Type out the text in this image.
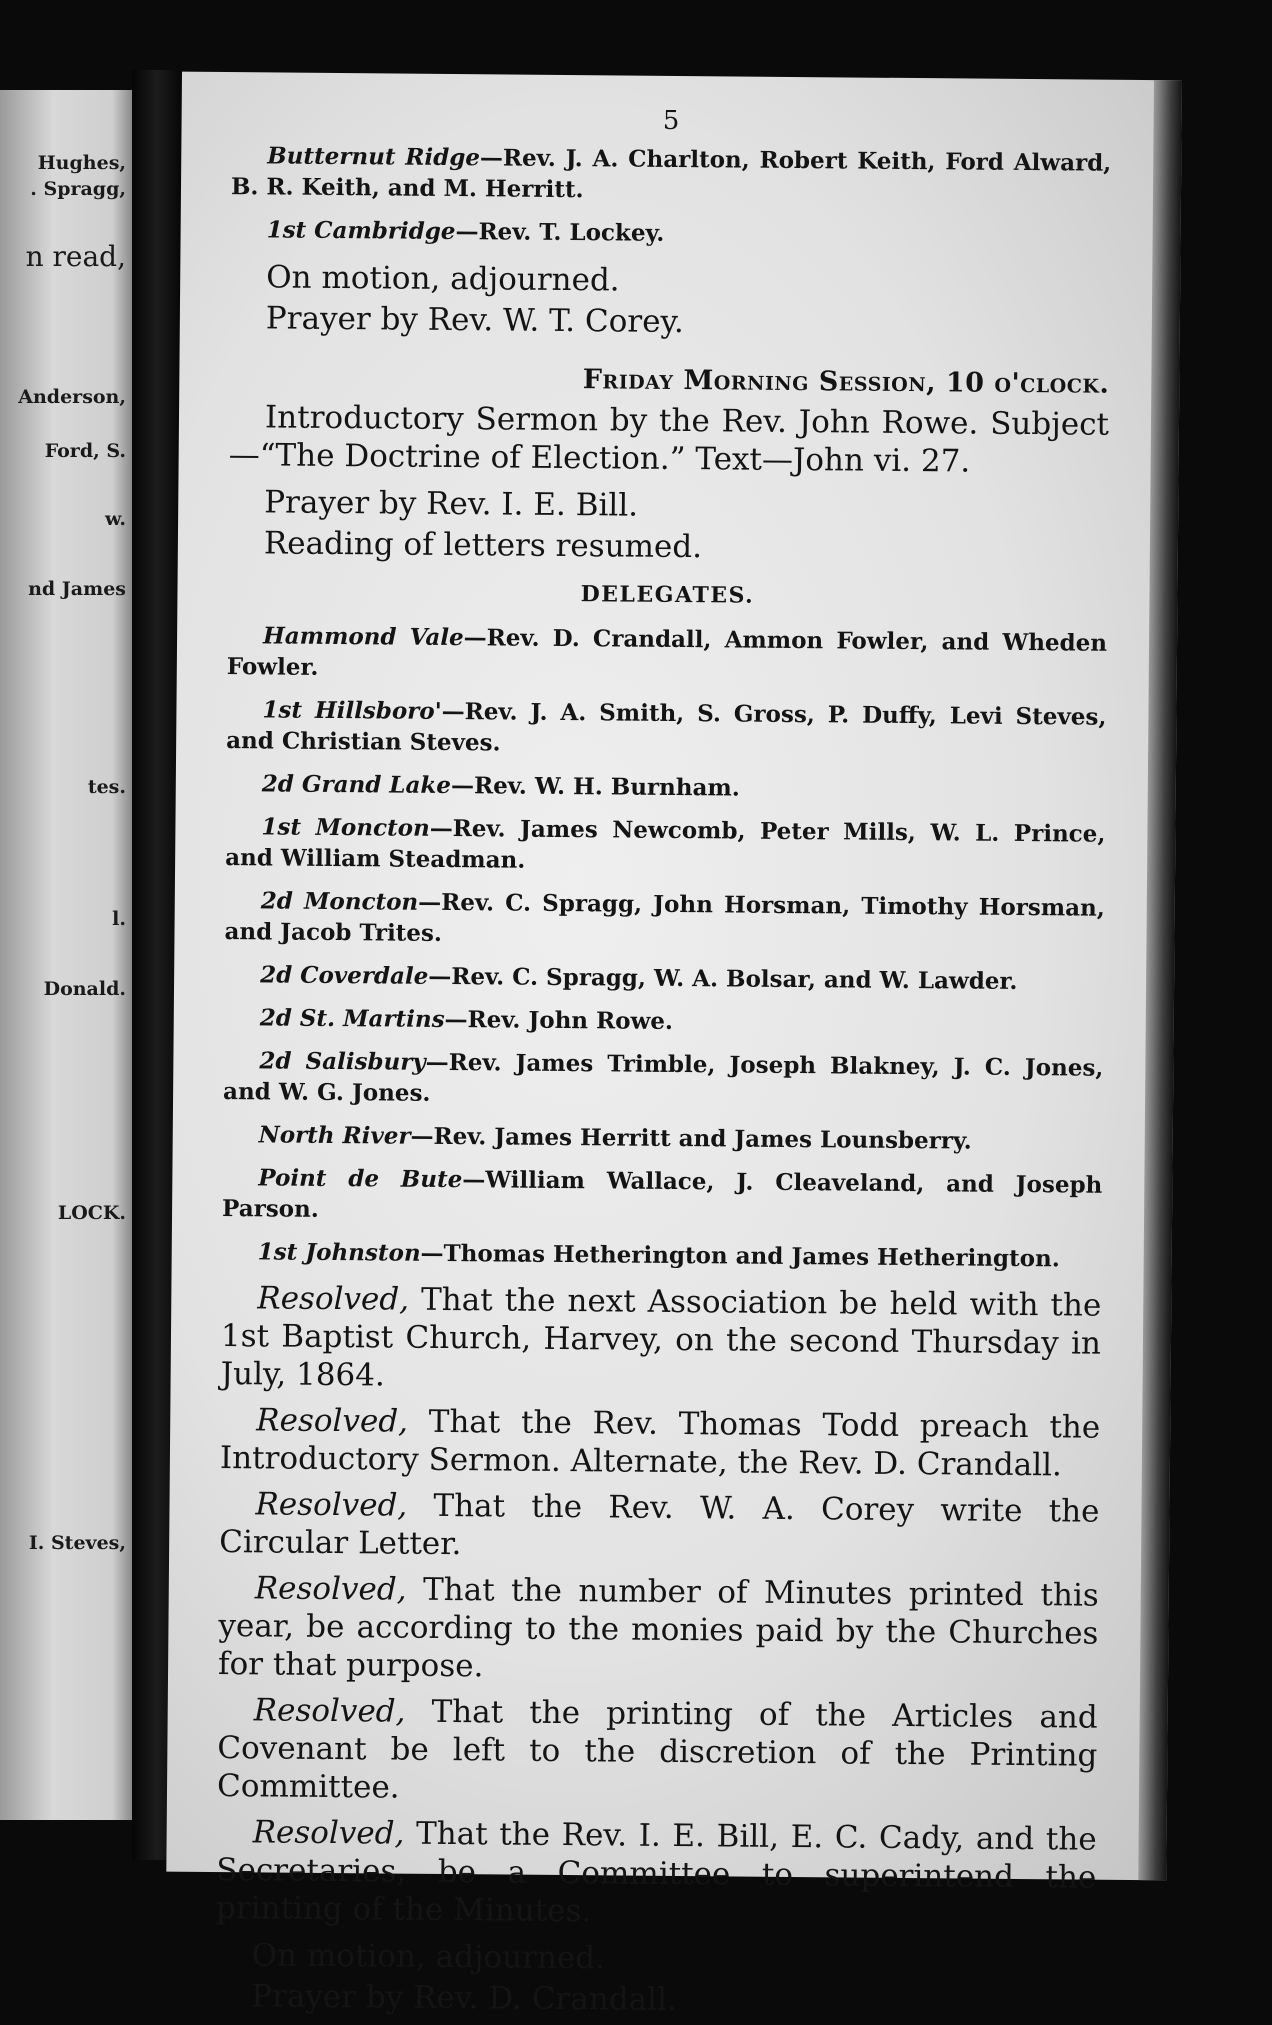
Hughes,

. Spragg,

n read,

Anderson,

Ford, S.

w.

nd James

tes.

l.

Donald.

LOCK.

I. Steves,

5

Butternut Ridge—Rev. J. A. Charlton, Robert Keith, Ford Alward, B. R. Keith, and M. Herritt.

1st Cambridge—Rev. T. Lockey.

On motion, adjourned.

Prayer by Rev. W. T. Corey.

Friday Morning Session, 10 o'clock.

Introductory Sermon by the Rev. John Rowe. Subject—“The Doctrine of Election.” Text—John vi. 27.

Prayer by Rev. I. E. Bill.

Reading of letters resumed.

DELEGATES.

Hammond Vale—Rev. D. Crandall, Ammon Fowler, and Wheden Fowler.

1st Hillsboro'—Rev. J. A. Smith, S. Gross, P. Duffy, Levi Steves, and Christian Steves.

2d Grand Lake—Rev. W. H. Burnham.

1st Moncton—Rev. James Newcomb, Peter Mills, W. L. Prince, and William Steadman.

2d Moncton—Rev. C. Spragg, John Horsman, Timothy Horsman, and Jacob Trites.

2d Coverdale—Rev. C. Spragg, W. A. Bolsar, and W. Lawder.

2d St. Martins—Rev. John Rowe.

2d Salisbury—Rev. James Trimble, Joseph Blakney, J. C. Jones, and W. G. Jones.

North River—Rev. James Herritt and James Lounsberry.

Point de Bute—William Wallace, J. Cleaveland, and Joseph Parson.

1st Johnston—Thomas Hetherington and James Hetherington.

Resolved, That the next Association be held with the 1st Baptist Church, Harvey, on the second Thursday in July, 1864.

Resolved, That the Rev. Thomas Todd preach the Introductory Sermon. Alternate, the Rev. D. Crandall.

Resolved, That the Rev. W. A. Corey write the Circular Letter.

Resolved, That the number of Minutes printed this year, be according to the monies paid by the Churches for that purpose.

Resolved, That the printing of the Articles and Covenant be left to the discretion of the Printing Committee.

Resolved, That the Rev. I. E. Bill, E. C. Cady, and the Secretaries, be a Committee to superintend the printing of the Minutes.

On motion, adjourned.

Prayer by Rev. D. Crandall.
